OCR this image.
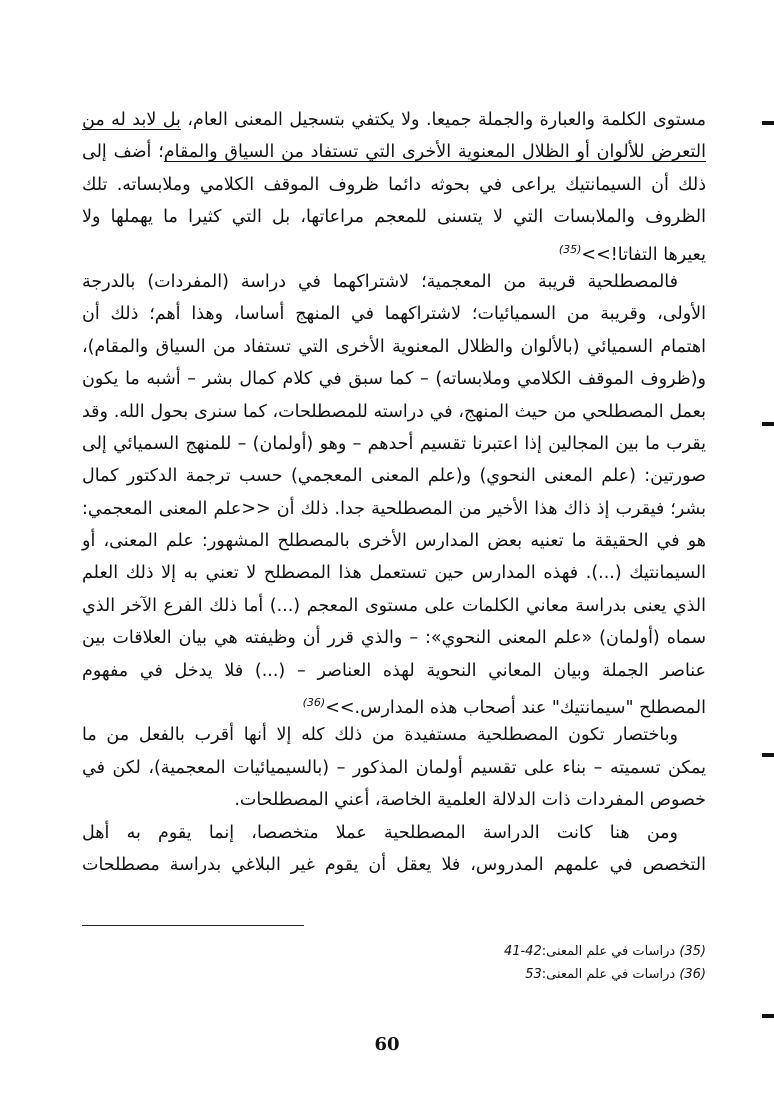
مستوى الكلمة والعبارة والجملة جميعا. ولا يكتفي بتسجيل المعنى العام، بل لابد له من
التعرض للألوان أو الظلال المعنوية الأخرى التي تستفاد من السياق والمقام؛ أضف إلى
ذلك أن السيمانتيك يراعى في بحوثه دائما ظروف الموقف الكلامي وملابساته. تلك
الظروف والملابسات التي لا يتسنى للمعجم مراعاتها، بل التي كثيرا ما يهملها ولا
يعيرها التفاتا!>>$^{(35)}$
فالمصطلحية قريبة من المعجمية؛ لاشتراكهما في دراسة (المفردات) بالدرجة
الأولى، وقريبة من السميائيات؛ لاشتراكهما في المنهج أساسا، وهذا أهم؛ ذلك أن
اهتمام السميائي (بالألوان والظلال المعنوية الأخرى التي تستفاد من السياق والمقام)،
و(ظروف الموقف الكلامي وملابساته) – كما سبق في كلام كمال بشر – أشبه ما يكون
بعمل المصطلحي من حيث المنهج، في دراسته للمصطلحات، كما سنرى بحول الله. وقد
يقرب ما بين المجالين إذا اعتبرنا تقسيم أحدهم – وهو (أولمان) – للمنهج السميائي إلى
صورتين: (علم المعنى النحوي) و(علم المعنى المعجمي) حسب ترجمة الدكتور كمال
بشر؛ فيقرب إذ ذاك هذا الأخير من المصطلحية جدا. ذلك أن <<علم المعنى المعجمي:
هو في الحقيقة ما تعنيه بعض المدارس الأخرى بالمصطلح المشهور: علم المعنى، أو
السيمانتيك (...). فهذه المدارس حين تستعمل هذا المصطلح لا تعني به إلا ذلك العلم
الذي يعنى بدراسة معاني الكلمات على مستوى المعجم (...) أما ذلك الفرع الآخر الذي
سماه (أولمان) «علم المعنى النحوي»: – والذي قرر أن وظيفته هي بيان العلاقات بين
عناصر الجملة وبيان المعاني النحوية لهذه العناصر – (...) فلا يدخل في مفهوم
المصطلح "سيمانتيك" عند أصحاب هذه المدارس.>>$^{(36)}$
وباختصار تكون المصطلحية مستفيدة من ذلك كله إلا أنها أقرب بالفعل من ما
يمكن تسميته – بناء على تقسيم أولمان المذكور – (بالسيميائيات المعجمية)، لكن في
خصوص المفردات ذات الدلالة العلمية الخاصة، أعني المصطلحات.
ومن هنا كانت الدراسة المصطلحية عملا متخصصا، إنما يقوم به أهل
التخصص في علمهم المدروس، فلا يعقل أن يقوم غير البلاغي بدراسة مصطلحات
(35) دراسات في علم المعنى:41-42
(36) دراسات في علم المعنى:53
60
